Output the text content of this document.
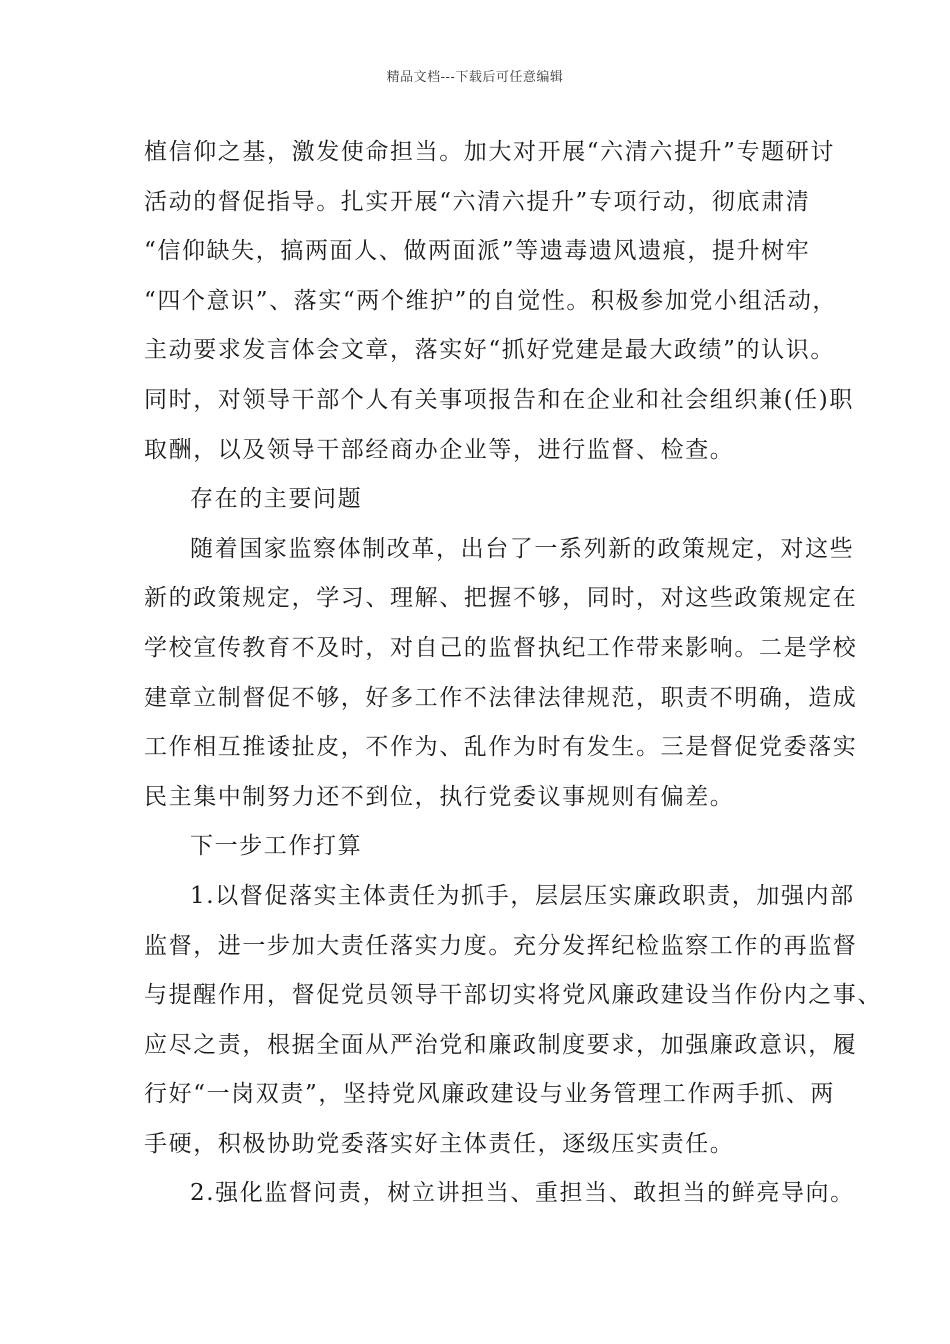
精品文档---下载后可任意编辑
植信仰之基，激发使命担当。加大对开展“六清六提升”专题研讨
活动的督促指导。扎实开展“六清六提升”专项行动，彻底肃清
“信仰缺失，搞两面人、做两面派”等遗毒遗风遗痕，提升树牢
“四个意识”、落实“两个维护”的自觉性。积极参加党小组活动，
主动要求发言体会文章，落实好“抓好党建是最大政绩”的认识。
同时，对领导干部个人有关事项报告和在企业和社会组织兼(任)职
取酬，以及领导干部经商办企业等，进行监督、检查。
存在的主要问题
随着国家监察体制改革，出台了一系列新的政策规定，对这些
新的政策规定，学习、理解、把握不够，同时，对这些政策规定在
学校宣传教育不及时，对自己的监督执纪工作带来影响。二是学校
建章立制督促不够，好多工作不法律法律规范，职责不明确，造成
工作相互推诿扯皮，不作为、乱作为时有发生。三是督促党委落实
民主集中制努力还不到位，执行党委议事规则有偏差。
下一步工作打算
1.以督促落实主体责任为抓手，层层压实廉政职责，加强内部
监督，进一步加大责任落实力度。充分发挥纪检监察工作的再监督
与提醒作用，督促党员领导干部切实将党风廉政建设当作份内之事、
应尽之责，根据全面从严治党和廉政制度要求，加强廉政意识，履
行好“一岗双责”，坚持党风廉政建设与业务管理工作两手抓、两
手硬，积极协助党委落实好主体责任，逐级压实责任。
2.强化监督问责，树立讲担当、重担当、敢担当的鲜亮导向。
